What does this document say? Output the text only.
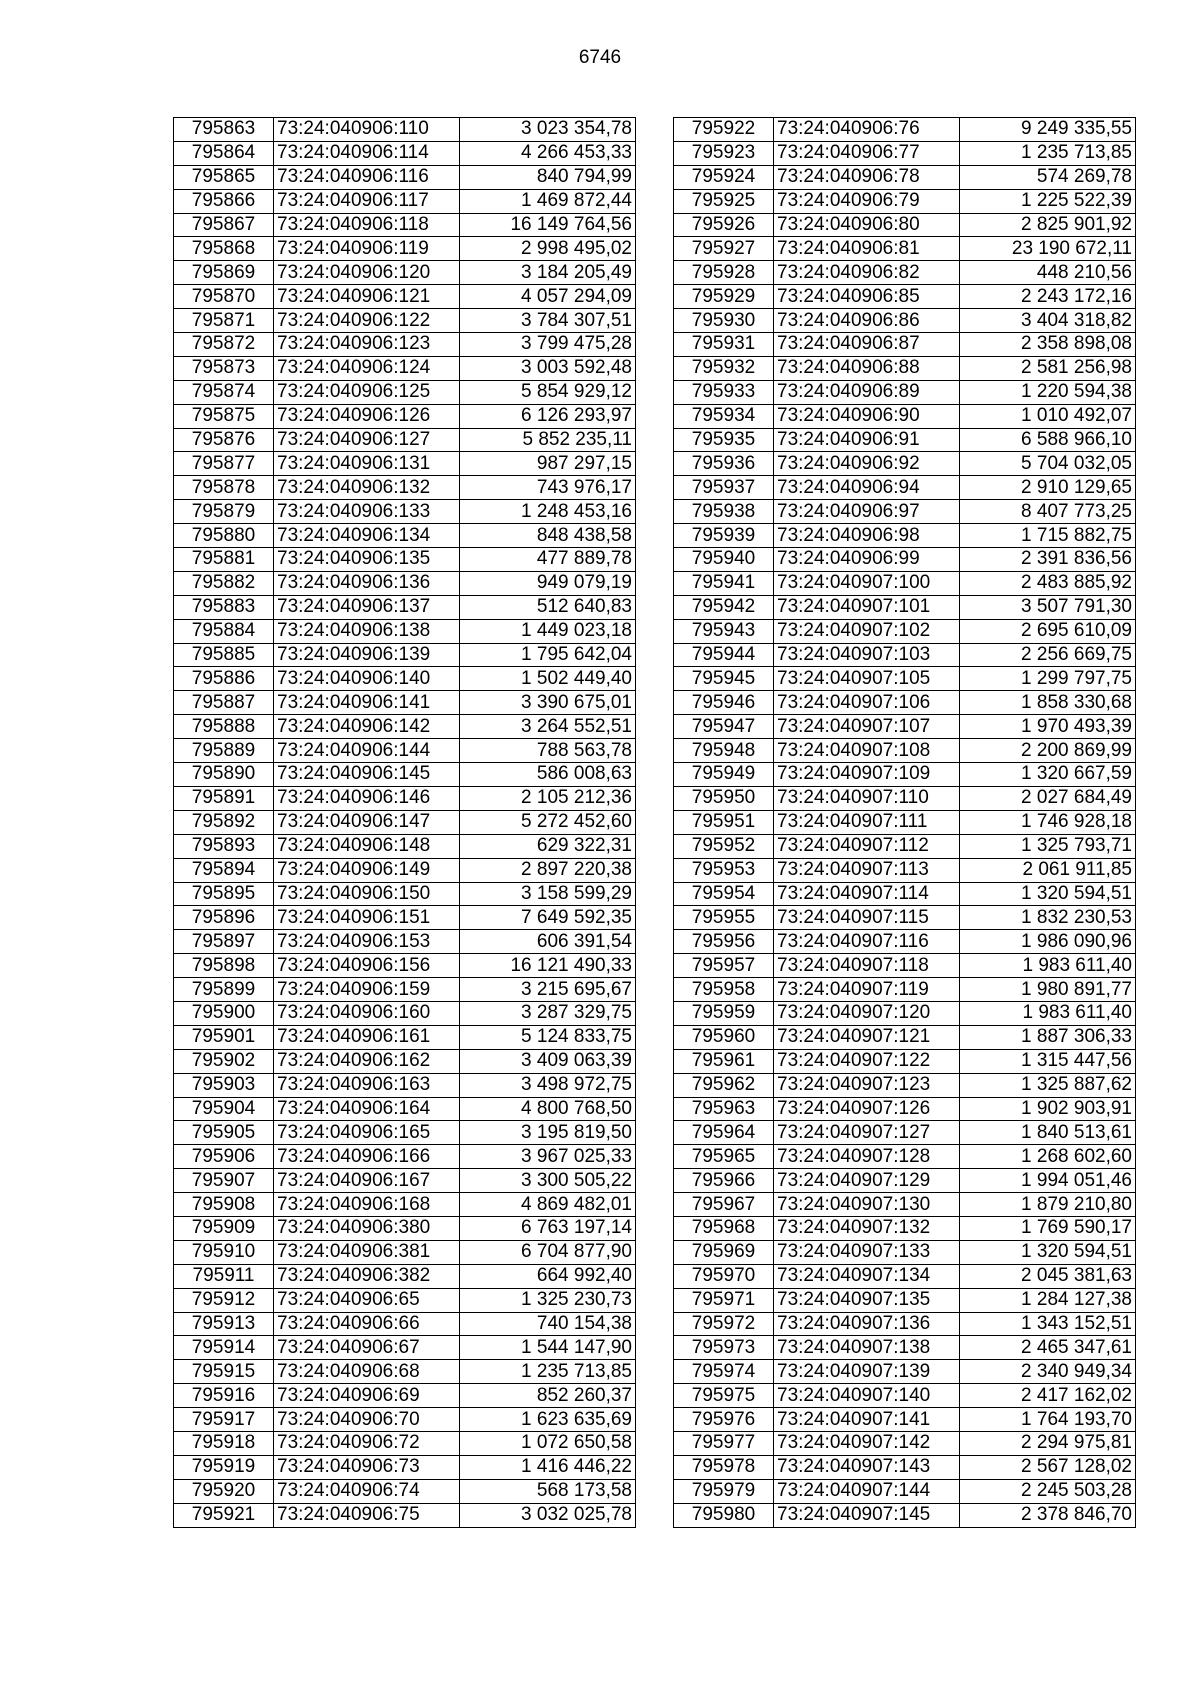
6746
795863	73:24:040906:110	3 023 354,78
795864	73:24:040906:114	4 266 453,33
795865	73:24:040906:116	840 794,99
795866	73:24:040906:117	1 469 872,44
795867	73:24:040906:118	16 149 764,56
795868	73:24:040906:119	2 998 495,02
795869	73:24:040906:120	3 184 205,49
795870	73:24:040906:121	4 057 294,09
795871	73:24:040906:122	3 784 307,51
795872	73:24:040906:123	3 799 475,28
795873	73:24:040906:124	3 003 592,48
795874	73:24:040906:125	5 854 929,12
795875	73:24:040906:126	6 126 293,97
795876	73:24:040906:127	5 852 235,11
795877	73:24:040906:131	987 297,15
795878	73:24:040906:132	743 976,17
795879	73:24:040906:133	1 248 453,16
795880	73:24:040906:134	848 438,58
795881	73:24:040906:135	477 889,78
795882	73:24:040906:136	949 079,19
795883	73:24:040906:137	512 640,83
795884	73:24:040906:138	1 449 023,18
795885	73:24:040906:139	1 795 642,04
795886	73:24:040906:140	1 502 449,40
795887	73:24:040906:141	3 390 675,01
795888	73:24:040906:142	3 264 552,51
795889	73:24:040906:144	788 563,78
795890	73:24:040906:145	586 008,63
795891	73:24:040906:146	2 105 212,36
795892	73:24:040906:147	5 272 452,60
795893	73:24:040906:148	629 322,31
795894	73:24:040906:149	2 897 220,38
795895	73:24:040906:150	3 158 599,29
795896	73:24:040906:151	7 649 592,35
795897	73:24:040906:153	606 391,54
795898	73:24:040906:156	16 121 490,33
795899	73:24:040906:159	3 215 695,67
795900	73:24:040906:160	3 287 329,75
795901	73:24:040906:161	5 124 833,75
795902	73:24:040906:162	3 409 063,39
795903	73:24:040906:163	3 498 972,75
795904	73:24:040906:164	4 800 768,50
795905	73:24:040906:165	3 195 819,50
795906	73:24:040906:166	3 967 025,33
795907	73:24:040906:167	3 300 505,22
795908	73:24:040906:168	4 869 482,01
795909	73:24:040906:380	6 763 197,14
795910	73:24:040906:381	6 704 877,90
795911	73:24:040906:382	664 992,40
795912	73:24:040906:65	1 325 230,73
795913	73:24:040906:66	740 154,38
795914	73:24:040906:67	1 544 147,90
795915	73:24:040906:68	1 235 713,85
795916	73:24:040906:69	852 260,37
795917	73:24:040906:70	1 623 635,69
795918	73:24:040906:72	1 072 650,58
795919	73:24:040906:73	1 416 446,22
795920	73:24:040906:74	568 173,58
795921	73:24:040906:75	3 032 025,78
795922	73:24:040906:76	9 249 335,55
795923	73:24:040906:77	1 235 713,85
795924	73:24:040906:78	574 269,78
795925	73:24:040906:79	1 225 522,39
795926	73:24:040906:80	2 825 901,92
795927	73:24:040906:81	23 190 672,11
795928	73:24:040906:82	448 210,56
795929	73:24:040906:85	2 243 172,16
795930	73:24:040906:86	3 404 318,82
795931	73:24:040906:87	2 358 898,08
795932	73:24:040906:88	2 581 256,98
795933	73:24:040906:89	1 220 594,38
795934	73:24:040906:90	1 010 492,07
795935	73:24:040906:91	6 588 966,10
795936	73:24:040906:92	5 704 032,05
795937	73:24:040906:94	2 910 129,65
795938	73:24:040906:97	8 407 773,25
795939	73:24:040906:98	1 715 882,75
795940	73:24:040906:99	2 391 836,56
795941	73:24:040907:100	2 483 885,92
795942	73:24:040907:101	3 507 791,30
795943	73:24:040907:102	2 695 610,09
795944	73:24:040907:103	2 256 669,75
795945	73:24:040907:105	1 299 797,75
795946	73:24:040907:106	1 858 330,68
795947	73:24:040907:107	1 970 493,39
795948	73:24:040907:108	2 200 869,99
795949	73:24:040907:109	1 320 667,59
795950	73:24:040907:110	2 027 684,49
795951	73:24:040907:111	1 746 928,18
795952	73:24:040907:112	1 325 793,71
795953	73:24:040907:113	2 061 911,85
795954	73:24:040907:114	1 320 594,51
795955	73:24:040907:115	1 832 230,53
795956	73:24:040907:116	1 986 090,96
795957	73:24:040907:118	1 983 611,40
795958	73:24:040907:119	1 980 891,77
795959	73:24:040907:120	1 983 611,40
795960	73:24:040907:121	1 887 306,33
795961	73:24:040907:122	1 315 447,56
795962	73:24:040907:123	1 325 887,62
795963	73:24:040907:126	1 902 903,91
795964	73:24:040907:127	1 840 513,61
795965	73:24:040907:128	1 268 602,60
795966	73:24:040907:129	1 994 051,46
795967	73:24:040907:130	1 879 210,80
795968	73:24:040907:132	1 769 590,17
795969	73:24:040907:133	1 320 594,51
795970	73:24:040907:134	2 045 381,63
795971	73:24:040907:135	1 284 127,38
795972	73:24:040907:136	1 343 152,51
795973	73:24:040907:138	2 465 347,61
795974	73:24:040907:139	2 340 949,34
795975	73:24:040907:140	2 417 162,02
795976	73:24:040907:141	1 764 193,70
795977	73:24:040907:142	2 294 975,81
795978	73:24:040907:143	2 567 128,02
795979	73:24:040907:144	2 245 503,28
795980	73:24:040907:145	2 378 846,70
